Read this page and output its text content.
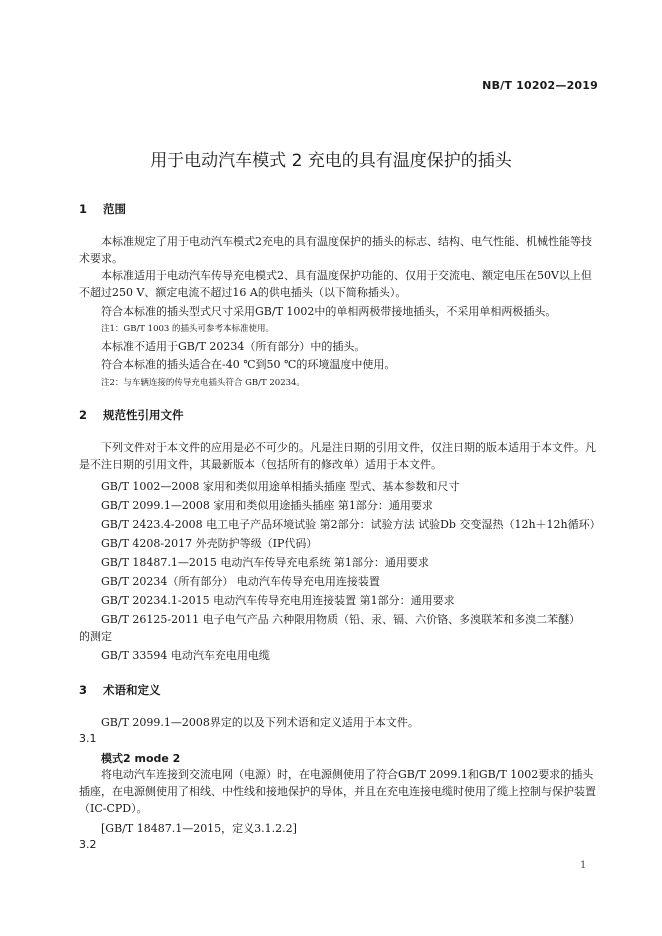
NB/T 10202—2019
用于电动汽车模式 2 充电的具有温度保护的插头
1 范围
本标准规定了用于电动汽车模式2充电的具有温度保护的插头的标志、结构、电气性能、机械性能等技术要求。
本标准适用于电动汽车传导充电模式2、具有温度保护功能的、仅用于交流电、额定电压在50V以上但不超过250 V、额定电流不超过16 A的供电插头（以下简称插头）。
符合本标准的插头型式尺寸采用GB/T 1002中的单相两极带接地插头，不采用单相两极插头。
注1：GB/T 1003 的插头可参考本标准使用。
本标准不适用于GB/T 20234（所有部分）中的插头。
符合本标准的插头适合在-40 ℃到50 ℃的环境温度中使用。
注2：与车辆连接的传导充电插头符合 GB/T 20234。
2 规范性引用文件
下列文件对于本文件的应用是必不可少的。凡是注日期的引用文件，仅注日期的版本适用于本文件。凡是不注日期的引用文件，其最新版本（包括所有的修改单）适用于本文件。
GB/T 1002—2008 家用和类似用途单相插头插座 型式、基本参数和尺寸
GB/T 2099.1—2008 家用和类似用途插头插座 第1部分：通用要求
GB/T 2423.4-2008 电工电子产品环境试验 第2部分：试验方法 试验Db 交变湿热（12h＋12h循环）
GB/T 4208-2017 外壳防护等级（IP代码）
GB/T 18487.1—2015 电动汽车传导充电系统 第1部分：通用要求
GB/T 20234（所有部分） 电动汽车传导充电用连接装置
GB/T 20234.1-2015 电动汽车传导充电用连接装置 第1部分：通用要求
GB/T 26125-2011 电子电气产品 六种限用物质（铅、汞、镉、六价铬、多溴联苯和多溴二苯醚）
的测定
GB/T 33594 电动汽车充电用电缆
3 术语和定义
GB/T 2099.1—2008界定的以及下列术语和定义适用于本文件。
3.1
模式2 mode 2
将电动汽车连接到交流电网（电源）时，在电源侧使用了符合GB/T 2099.1和GB/T 1002要求的插头插座，在电源侧使用了相线、中性线和接地保护的导体，并且在充电连接电缆时使用了缆上控制与保护装置（IC-CPD）。
[GB/T 18487.1—2015，定义3.1.2.2]
3.2
1
